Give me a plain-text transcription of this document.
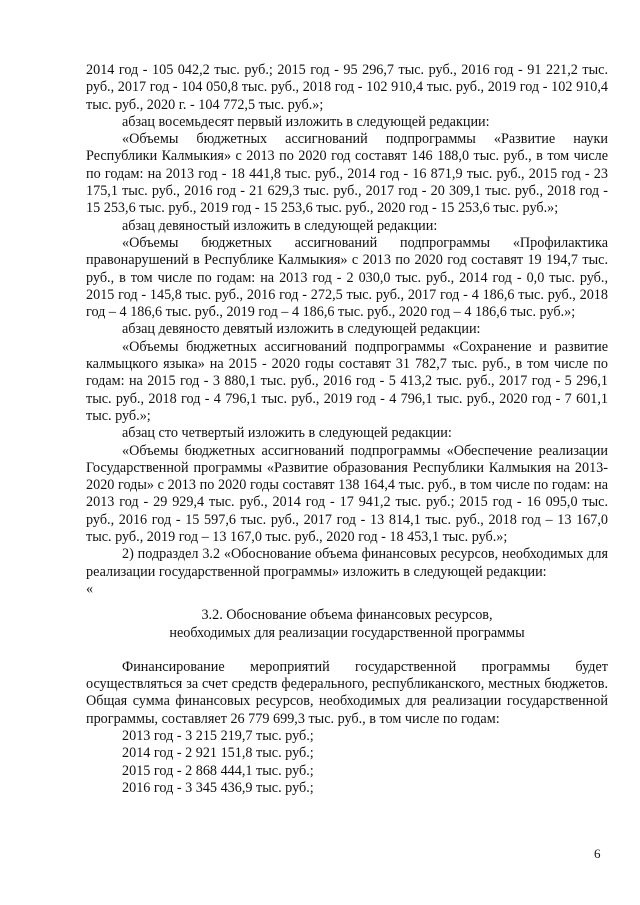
2014 год - 105 042,2 тыс. руб.; 2015 год - 95 296,7 тыс. руб., 2016 год - 91 221,2 тыс. руб., 2017 год - 104 050,8 тыс. руб., 2018 год - 102 910,4 тыс. руб., 2019 год - 102 910,4 тыс. руб., 2020 г. - 104 772,5 тыс. руб.»;

абзац восемьдесят первый изложить в следующей редакции:

«Объемы бюджетных ассигнований подпрограммы «Развитие науки Республики Калмыкия» с 2013 по 2020 год составят 146 188,0 тыс. руб., в том числе по годам: на 2013 год - 18 441,8 тыс. руб., 2014 год - 16 871,9 тыс. руб., 2015 год - 23 175,1 тыс. руб., 2016 год - 21 629,3 тыс. руб., 2017 год - 20 309,1 тыс. руб., 2018 год - 15 253,6 тыс. руб., 2019 год - 15 253,6 тыс. руб., 2020 год - 15 253,6 тыс. руб.»;

абзац девяностый изложить в следующей редакции:

«Объемы бюджетных ассигнований подпрограммы «Профилактика правонарушений в Республике Калмыкия» с 2013 по 2020 год составят 19 194,7 тыс. руб., в том числе по годам: на 2013 год - 2 030,0 тыс. руб., 2014 год - 0,0 тыс. руб., 2015 год - 145,8 тыс. руб., 2016 год - 272,5 тыс. руб., 2017 год - 4 186,6 тыс. руб., 2018 год – 4 186,6 тыс. руб., 2019 год – 4 186,6 тыс. руб., 2020 год – 4 186,6 тыс. руб.»;

абзац девяносто девятый изложить в следующей редакции:

«Объемы бюджетных ассигнований подпрограммы «Сохранение и развитие калмыцкого языка» на 2015 - 2020 годы составят 31 782,7 тыс. руб., в том числе по годам: на 2015 год - 3 880,1 тыс. руб., 2016 год - 5 413,2 тыс. руб., 2017 год - 5 296,1 тыс. руб., 2018 год - 4 796,1 тыс. руб., 2019 год - 4 796,1 тыс. руб., 2020 год - 7 601,1 тыс. руб.»;

абзац сто четвертый изложить в следующей редакции:

«Объемы бюджетных ассигнований подпрограммы «Обеспечение реализации Государственной программы «Развитие образования Республики Калмыкия на 2013-2020 годы» с 2013 по 2020 годы составят 138 164,4 тыс. руб., в том числе по годам: на 2013 год - 29 929,4 тыс. руб., 2014 год - 17 941,2 тыс. руб.; 2015 год - 16 095,0 тыс. руб., 2016 год - 15 597,6 тыс. руб., 2017 год - 13 814,1 тыс. руб., 2018 год – 13 167,0 тыс. руб., 2019 год – 13 167,0 тыс. руб., 2020 год - 18 453,1 тыс. руб.»;

2) подраздел 3.2 «Обоснование объема финансовых ресурсов, необходимых для реализации государственной программы» изложить в следующей редакции:

«

3.2. Обоснование объема финансовых ресурсов,

необходимых для реализации государственной программы

Финансирование мероприятий государственной программы будет осуществляться за счет средств федерального, республиканского, местных бюджетов. Общая сумма финансовых ресурсов, необходимых для реализации государственной программы, составляет 26 779 699,3 тыс. руб., в том числе по годам:

2013 год - 3 215 219,7 тыс. руб.;
2014 год - 2 921 151,8 тыс. руб.;
2015 год - 2 868 444,1 тыс. руб.;
2016 год - 3 345 436,9 тыс. руб.;
6
